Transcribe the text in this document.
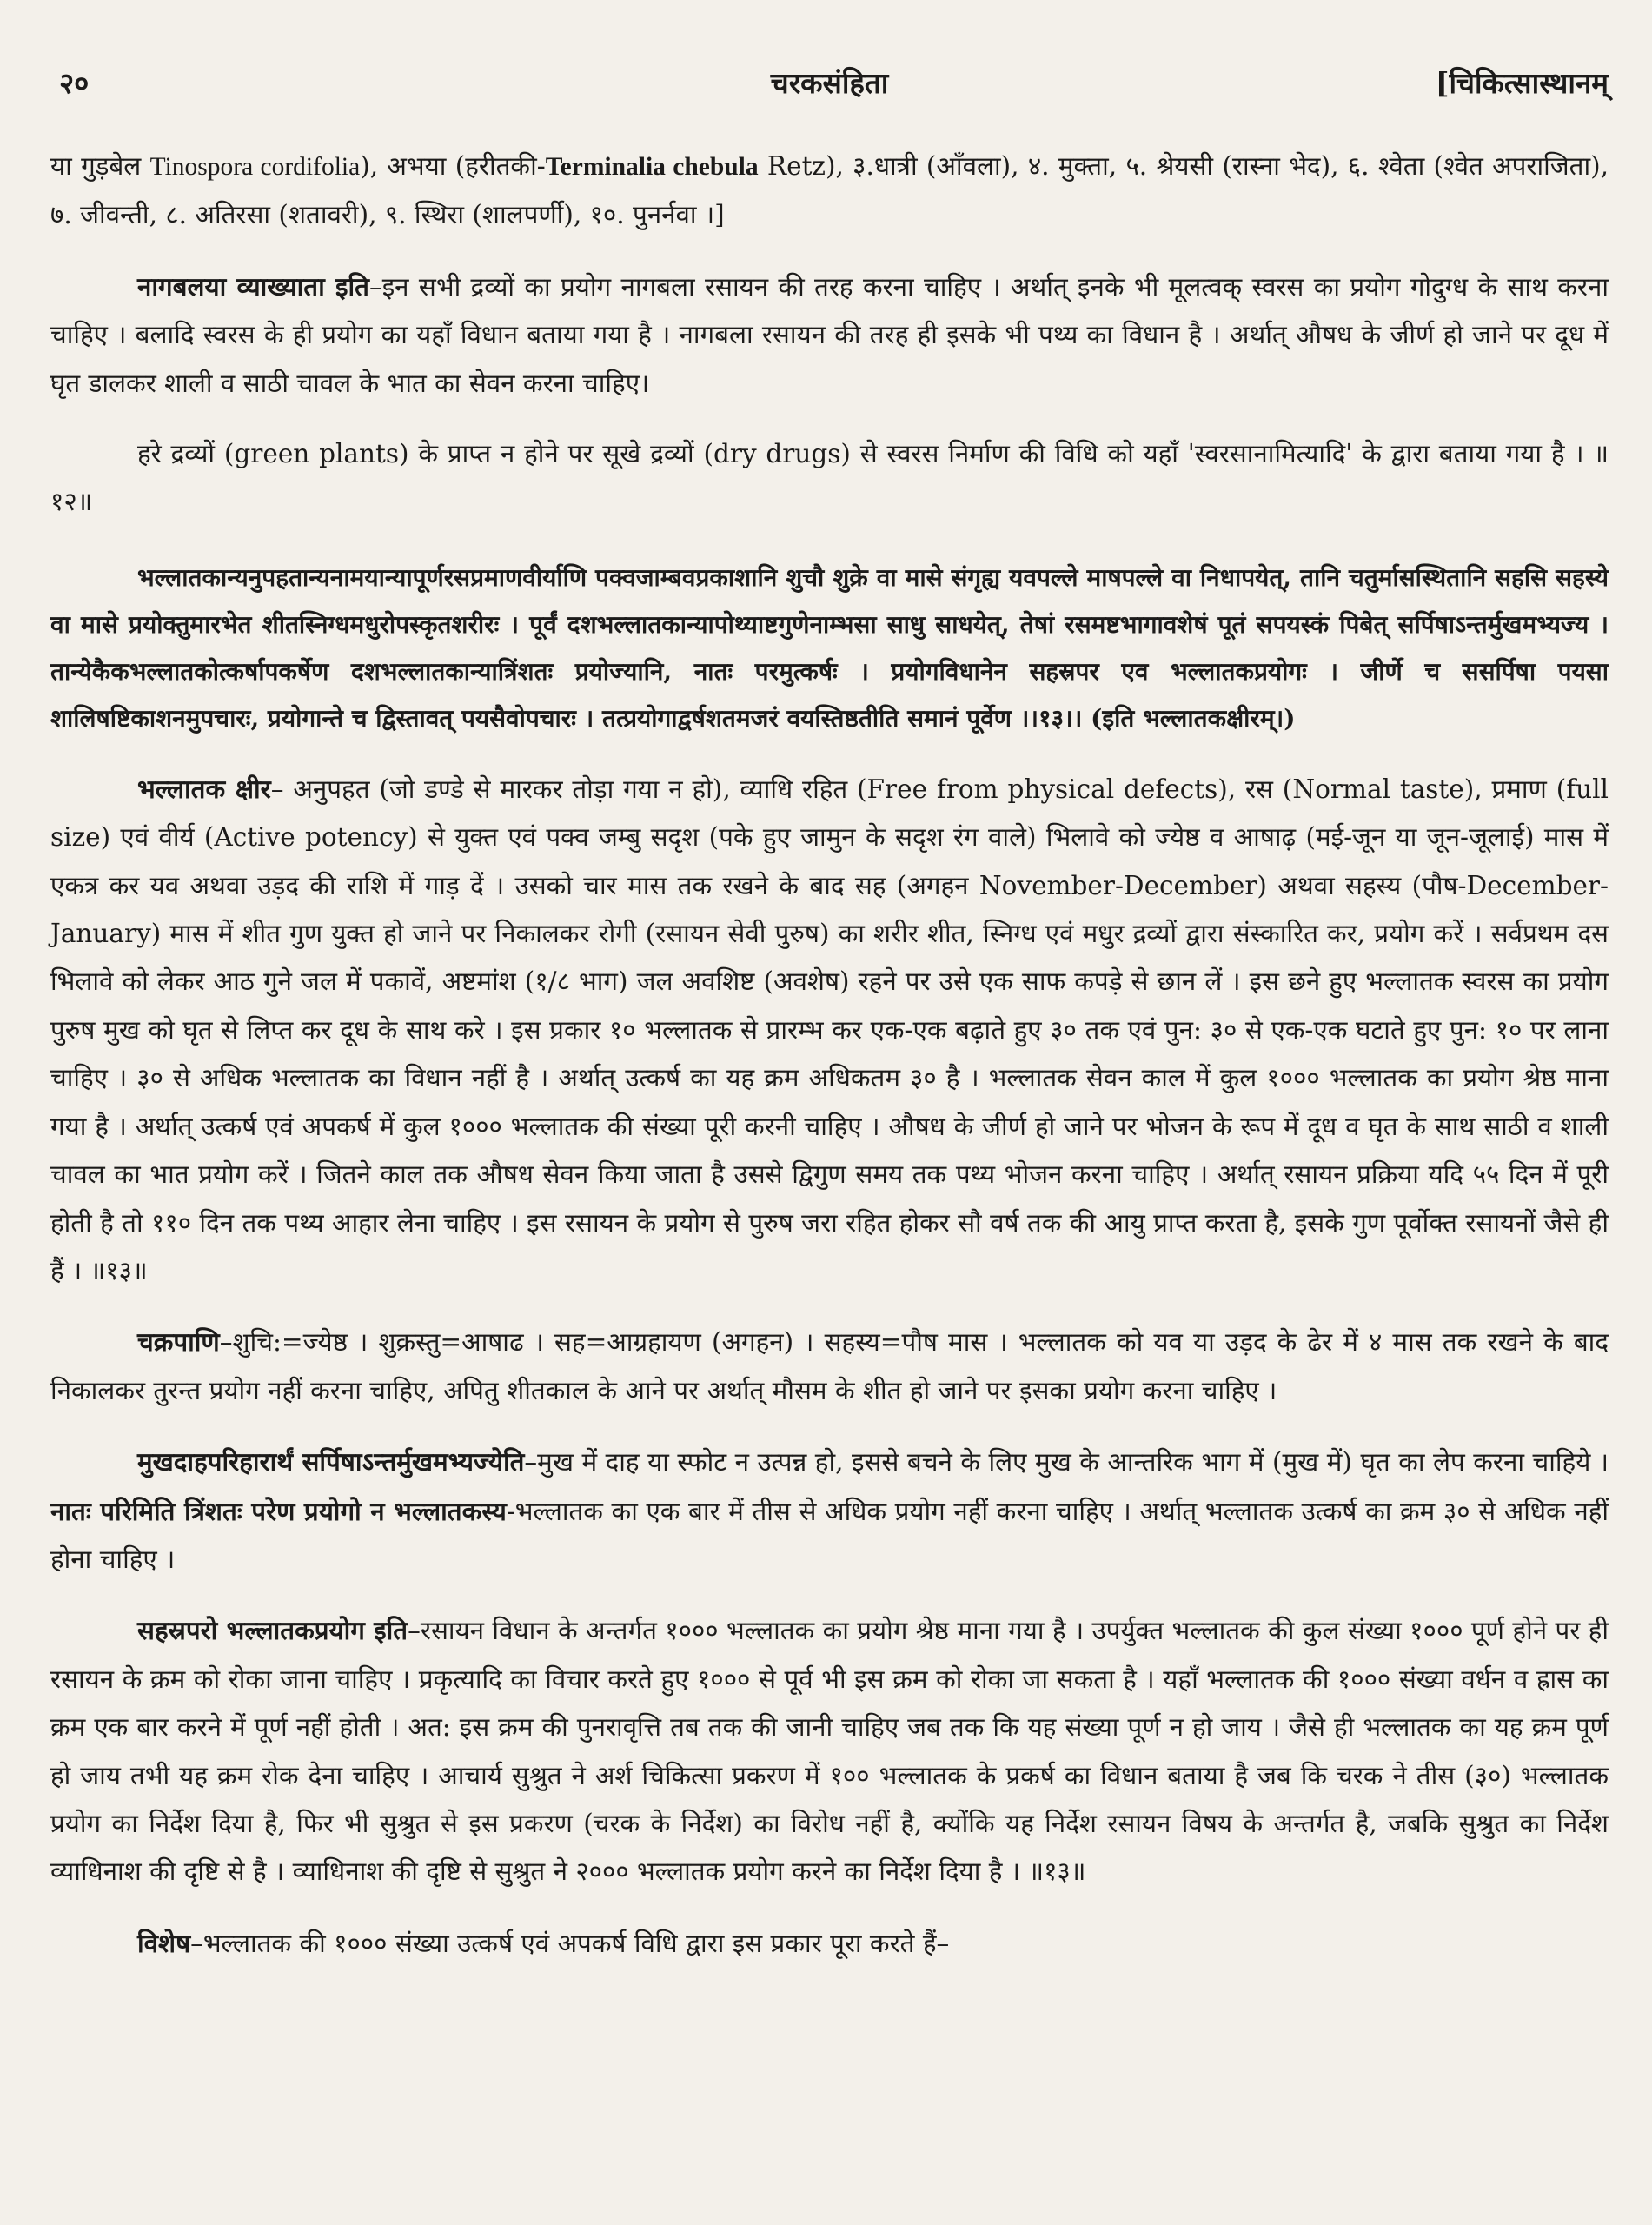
२०	चरकसंहिता	[चिकित्सास्थानम्

या गुड़बेल Tinospora cordifolia), अभया (हरीतकी-Terminalia chebula Retz), ३.धात्री (आँवला), ४. मुक्ता, ५. श्रेयसी (रास्ना भेद), ६. श्वेता (श्वेत अपराजिता), ७. जीवन्ती, ८. अतिरसा (शतावरी), ९. स्थिरा (शालपर्णी), १०. पुनर्नवा ।]

नागबलया व्याख्याता इति–इन सभी द्रव्यों का प्रयोग नागबला रसायन की तरह करना चाहिए । अर्थात् इनके भी मूलत्वक् स्वरस का प्रयोग गोदुग्ध के साथ करना चाहिए । बलादि स्वरस के ही प्रयोग का यहाँ विधान बताया गया है । नागबला रसायन की तरह ही इसके भी पथ्य का विधान है । अर्थात् औषध के जीर्ण हो जाने पर दूध में घृत डालकर शाली व साठी चावल के भात का सेवन करना चाहिए।

हरे द्रव्यों (green plants) के प्राप्त न होने पर सूखे द्रव्यों (dry drugs) से स्वरस निर्माण की विधि को यहाँ 'स्वरसानामित्यादि' के द्वारा बताया गया है । ॥१२॥

भल्लातकान्यनुपहतान्यनामयान्यापूर्णरसप्रमाणवीर्याणि पक्वजाम्बवप्रकाशानि शुचौ शुक्रे वा मासे संगृह्य यवपल्ले माषपल्ले वा निधापयेत्, तानि चतुर्मासस्थितानि सहसि सहस्ये वा मासे प्रयोक्तुमारभेत शीतस्निग्धमधुरोपस्कृतशरीरः । पूर्वं दशभल्लातकान्यापोथ्याष्टगुणेनाम्भसा साधु साधयेत्, तेषां रसमष्टभागावशेषं पूतं सपयस्कं पिबेत् सर्पिषाऽन्तर्मुखमभ्यज्य । तान्येकैकभल्लातकोत्कर्षापकर्षेण दशभल्लातकान्यात्रिंशतः प्रयोज्यानि, नातः परमुत्कर्षः । प्रयोगविधानेन सहस्रपर एव भल्लातकप्रयोगः । जीर्णे च ससर्पिषा पयसा शालिषष्टिकाशनमुपचारः, प्रयोगान्ते च द्विस्तावत् पयसैवोपचारः । तत्प्रयोगाद्वर्षशतमजरं वयस्तिष्ठतीति समानं पूर्वेण ।।१३।। (इति भल्लातकक्षीरम्।)

भल्लातक क्षीर– अनुपहत (जो डण्डे से मारकर तोड़ा गया न हो), व्याधि रहित (Free from physical defects), रस (Normal taste), प्रमाण (full size) एवं वीर्य (Active potency) से युक्त एवं पक्व जम्बु सदृश (पके हुए जामुन के सदृश रंग वाले) भिलावे को ज्येष्ठ व आषाढ़ (मई-जून या जून-जूलाई) मास में एकत्र कर यव अथवा उड़द की राशि में गाड़ दें । उसको चार मास तक रखने के बाद सह (अगहन November-December) अथवा सहस्य (पौष-December-January) मास में शीत गुण युक्त हो जाने पर निकालकर रोगी (रसायन सेवी पुरुष) का शरीर शीत, स्निग्ध एवं मधुर द्रव्यों द्वारा संस्कारित कर, प्रयोग करें । सर्वप्रथम दस भिलावे को लेकर आठ गुने जल में पकावें, अष्टमांश (१/८ भाग) जल अवशिष्ट (अवशेष) रहने पर उसे एक साफ कपड़े से छान लें । इस छने हुए भल्लातक स्वरस का प्रयोग पुरुष मुख को घृत से लिप्त कर दूध के साथ करे । इस प्रकार १० भल्लातक से प्रारम्भ कर एक-एक बढ़ाते हुए ३० तक एवं पुन: ३० से एक-एक घटाते हुए पुन: १० पर लाना चाहिए । ३० से अधिक भल्लातक का विधान नहीं है । अर्थात् उत्कर्ष का यह क्रम अधिकतम ३० है । भल्लातक सेवन काल में कुल १००० भल्लातक का प्रयोग श्रेष्ठ माना गया है । अर्थात् उत्कर्ष एवं अपकर्ष में कुल १००० भल्लातक की संख्या पूरी करनी चाहिए । औषध के जीर्ण हो जाने पर भोजन के रूप में दूध व घृत के साथ साठी व शाली चावल का भात प्रयोग करें । जितने काल तक औषध सेवन किया जाता है उससे द्विगुण समय तक पथ्य भोजन करना चाहिए । अर्थात् रसायन प्रक्रिया यदि ५५ दिन में पूरी होती है तो ११० दिन तक पथ्य आहार लेना चाहिए । इस रसायन के प्रयोग से पुरुष जरा रहित होकर सौ वर्ष तक की आयु प्राप्त करता है, इसके गुण पूर्वोक्त रसायनों जैसे ही हैं । ॥१३॥

चक्रपाणि–शुचि:=ज्येष्ठ । शुक्रस्तु=आषाढ । सह=आग्रहायण (अगहन) । सहस्य=पौष मास । भल्लातक को यव या उड़द के ढेर में ४ मास तक रखने के बाद निकालकर तुरन्त प्रयोग नहीं करना चाहिए, अपितु शीतकाल के आने पर अर्थात् मौसम के शीत हो जाने पर इसका प्रयोग करना चाहिए ।

मुखदाहपरिहारार्थं सर्पिषाऽन्तर्मुखमभ्यज्येति–मुख में दाह या स्फोट न उत्पन्न हो, इससे बचने के लिए मुख के आन्तरिक भाग में (मुख में) घृत का लेप करना चाहिये । नातः परिमिति त्रिंशतः परेण प्रयोगो न भल्लातकस्य-भल्लातक का एक बार में तीस से अधिक प्रयोग नहीं करना चाहिए । अर्थात् भल्लातक उत्कर्ष का क्रम ३० से अधिक नहीं होना चाहिए ।

सहस्रपरो भल्लातकप्रयोग इति–रसायन विधान के अन्तर्गत १००० भल्लातक का प्रयोग श्रेष्ठ माना गया है । उपर्युक्त भल्लातक की कुल संख्या १००० पूर्ण होने पर ही रसायन के क्रम को रोका जाना चाहिए । प्रकृत्यादि का विचार करते हुए १००० से पूर्व भी इस क्रम को रोका जा सकता है । यहाँ भल्लातक की १००० संख्या वर्धन व ह्रास का क्रम एक बार करने में पूर्ण नहीं होती । अत: इस क्रम की पुनरावृत्ति तब तक की जानी चाहिए जब तक कि यह संख्या पूर्ण न हो जाय । जैसे ही भल्लातक का यह क्रम पूर्ण हो जाय तभी यह क्रम रोक देना चाहिए । आचार्य सुश्रुत ने अर्श चिकित्सा प्रकरण में १०० भल्लातक के प्रकर्ष का विधान बताया है जब कि चरक ने तीस (३०) भल्लातक प्रयोग का निर्देश दिया है, फिर भी सुश्रुत से इस प्रकरण (चरक के निर्देश) का विरोध नहीं है, क्योंकि यह निर्देश रसायन विषय के अन्तर्गत है, जबकि सुश्रुत का निर्देश व्याधिनाश की दृष्टि से है । व्याधिनाश की दृष्टि से सुश्रुत ने २००० भल्लातक प्रयोग करने का निर्देश दिया है । ॥१३॥

विशेष–भल्लातक की १००० संख्या उत्कर्ष एवं अपकर्ष विधि द्वारा इस प्रकार पूरा करते हैं–
